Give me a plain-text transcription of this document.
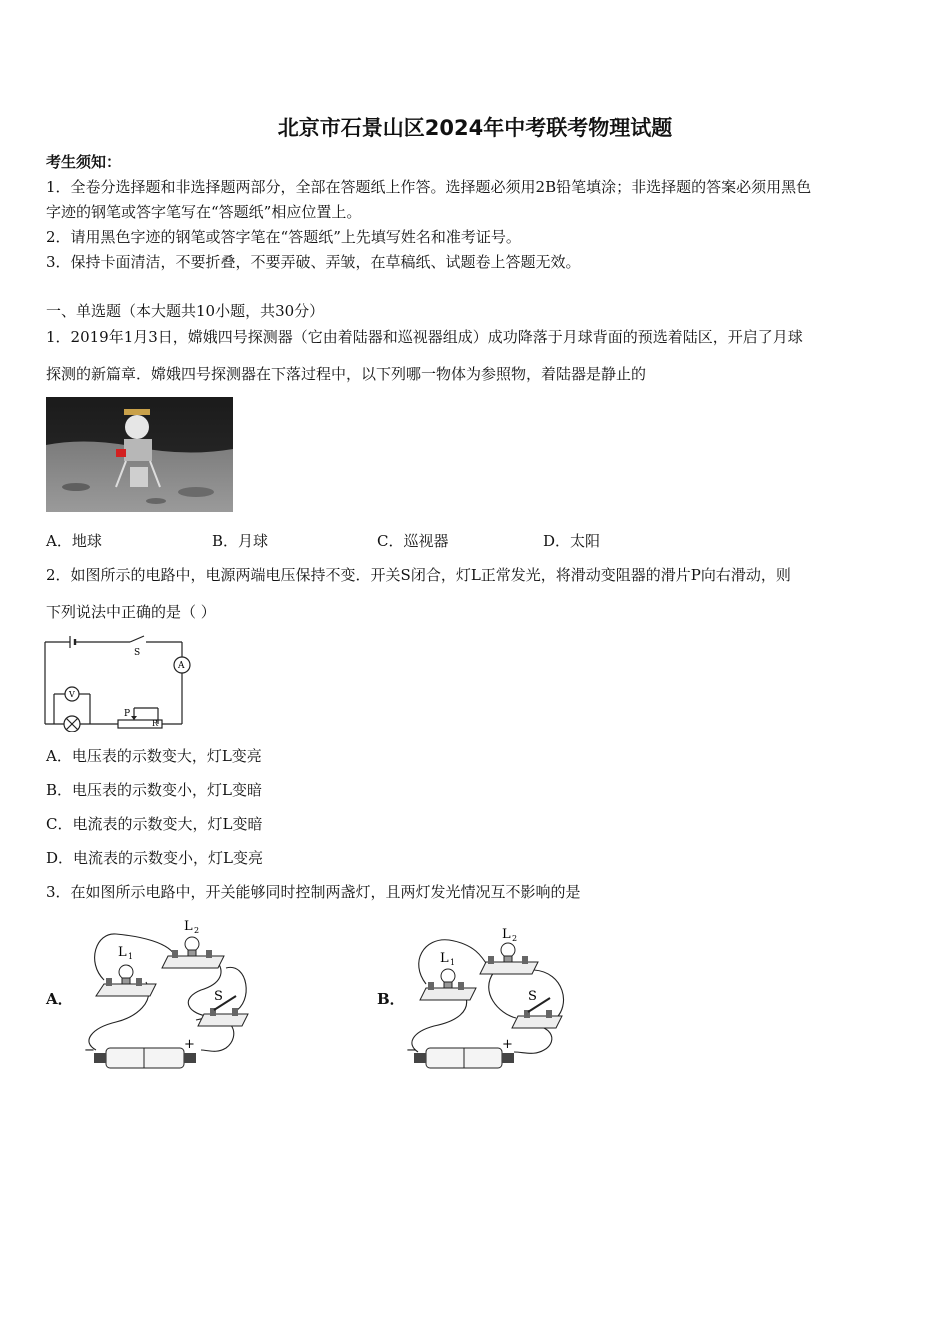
北京市石景山区2024年中考联考物理试题
考生须知：
1．全卷分选择题和非选择题两部分，全部在答题纸上作答。选择题必须用2B铅笔填涂；非选择题的答案必须用黑色
字迹的钢笔或答字笔写在“答题纸”相应位置上。
2．请用黑色字迹的钢笔或答字笔在“答题纸”上先填写姓名和准考证号。
3．保持卡面清洁，不要折叠，不要弄破、弄皱，在草稿纸、试题卷上答题无效。
一、单选题（本大题共10小题，共30分）
1．2019年1月3日，嫦娥四号探测器（它由着陆器和巡视器组成）成功降落于月球背面的预选着陆区，开启了月球
探测的新篇章．嫦娥四号探测器在下落过程中，以下列哪一物体为参照物，着陆器是静止的
A．地球	B．月球	C．巡视器	D．太阳
2．如图所示的电路中，电源两端电压保持不变．开关S闭合，灯L正常发光，将滑动变阻器的滑片P向右滑动，则
下列说法中正确的是（ ）
S
A
V
P
R
A．电压表的示数变大，灯L变亮
B．电压表的示数变小，灯L变暗
C．电流表的示数变大，灯L变暗
D．电流表的示数变小，灯L变亮
3．在如图所示电路中，开关能够同时控制两盏灯，且两灯发光情况互不影响的是
A．	B．
L 1
L 2
S
−	+
L 1
L 2
S
−	+
